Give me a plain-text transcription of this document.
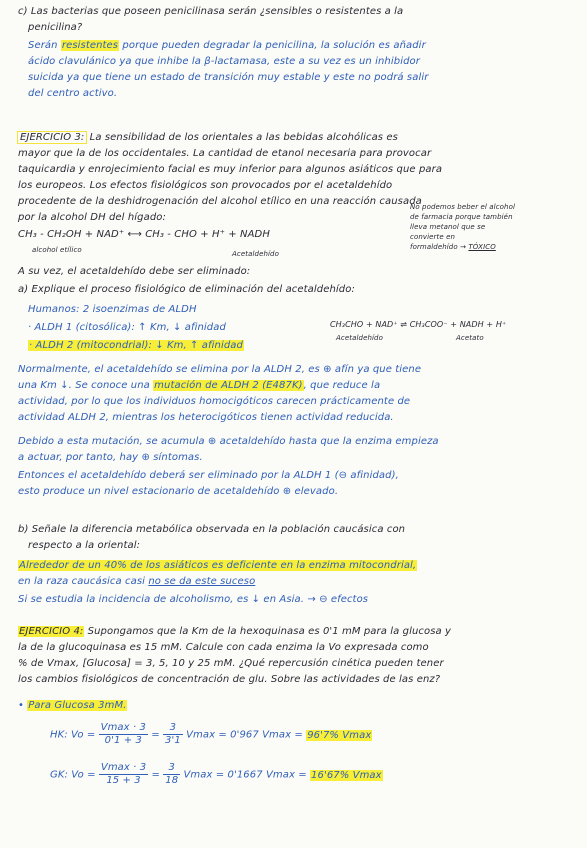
c) Las bacterias que poseen penicilinasa serán ¿sensibles o resistentes a la
penicilina?
Serán resistentes porque pueden degradar la penicilina, la solución es añadir
ácido clavulánico ya que inhibe la β-lactamasa, este a su vez es un inhibidor
suicida ya que tiene un estado de transición muy estable y este no podrá salir
del centro activo.
EJERCICIO 3: La sensibilidad de los orientales a las bebidas alcohólicas es
mayor que la de los occidentales. La cantidad de etanol necesaria para provocar
taquicardia y enrojecimiento facial es muy inferior para algunos asiáticos que para
los europeos. Los efectos fisiológicos son provocados por el acetaldehído
procedente de la deshidrogenación del alcohol etílico en una reacción causada
por la alcohol DH del hígado:
No podemos beber el alcohol
de farmacia porque también
lleva metanol que se
convierte en
formaldehído → TÓXICO
CH₃ - CH₂OH + NAD⁺ ⟷ CH₃ - CHO + H⁺ + NADH
alcohol etílico	Acetaldehído
A su vez, el acetaldehído debe ser eliminado:
a) Explique el proceso fisiológico de eliminación del acetaldehído:
Humanos: 2 isoenzimas de ALDH
· ALDH 1 (citosólica): ↑ Km, ↓ afinidad
· ALDH 2 (mitocondrial): ↓ Km, ↑ afinidad
CH₃CHO + NAD⁺ ⇌ CH₃COO⁻ + NADH + H⁺
Acetaldehído	Acetato
Normalmente, el acetaldehído se elimina por la ALDH 2, es ⊕ afín ya que tiene
una Km ↓. Se conoce una mutación de ALDH 2 (E487K), que reduce la
actividad, por lo que los individuos homocigóticos carecen prácticamente de
actividad ALDH 2, mientras los heterocigóticos tienen actividad reducida.
Debido a esta mutación, se acumula ⊕ acetaldehído hasta que la enzima empieza
a actuar, por tanto, hay ⊕ síntomas.
Entonces el acetaldehído deberá ser eliminado por la ALDH 1 (⊖ afinidad),
esto produce un nivel estacionario de acetaldehído ⊕ elevado.
b) Señale la diferencia metabólica observada en la población caucásica con
respecto a la oriental:
Alrededor de un 40% de los asiáticos es deficiente en la enzima mitocondrial,
en la raza caucásica casi no se da este suceso
Si se estudia la incidencia de alcoholismo, es ↓ en Asia. → ⊖ efectos
EJERCICIO 4: Supongamos que la Km de la hexoquinasa es 0'1 mM para la glucosa y
la de la glucoquinasa es 15 mM. Calcule con cada enzima la Vo expresada como
% de Vmax, [Glucosa] = 3, 5, 10 y 25 mM. ¿Qué repercusión cinética pueden tener
los cambios fisiológicos de concentración de glu. Sobre las actividades de las enz?
• Para Glucosa 3mM.
HK: $Vo = \frac{Vmax \cdot 3}{0'1 + 3} = \frac{3}{3'1}$ Vmax = 0'967 Vmax = 96'7% Vmax
GK: $Vo = \frac{Vmax \cdot 3}{15 + 3} = \frac{3}{18}$ Vmax = 0'1667 Vmax = 16'67% Vmax
